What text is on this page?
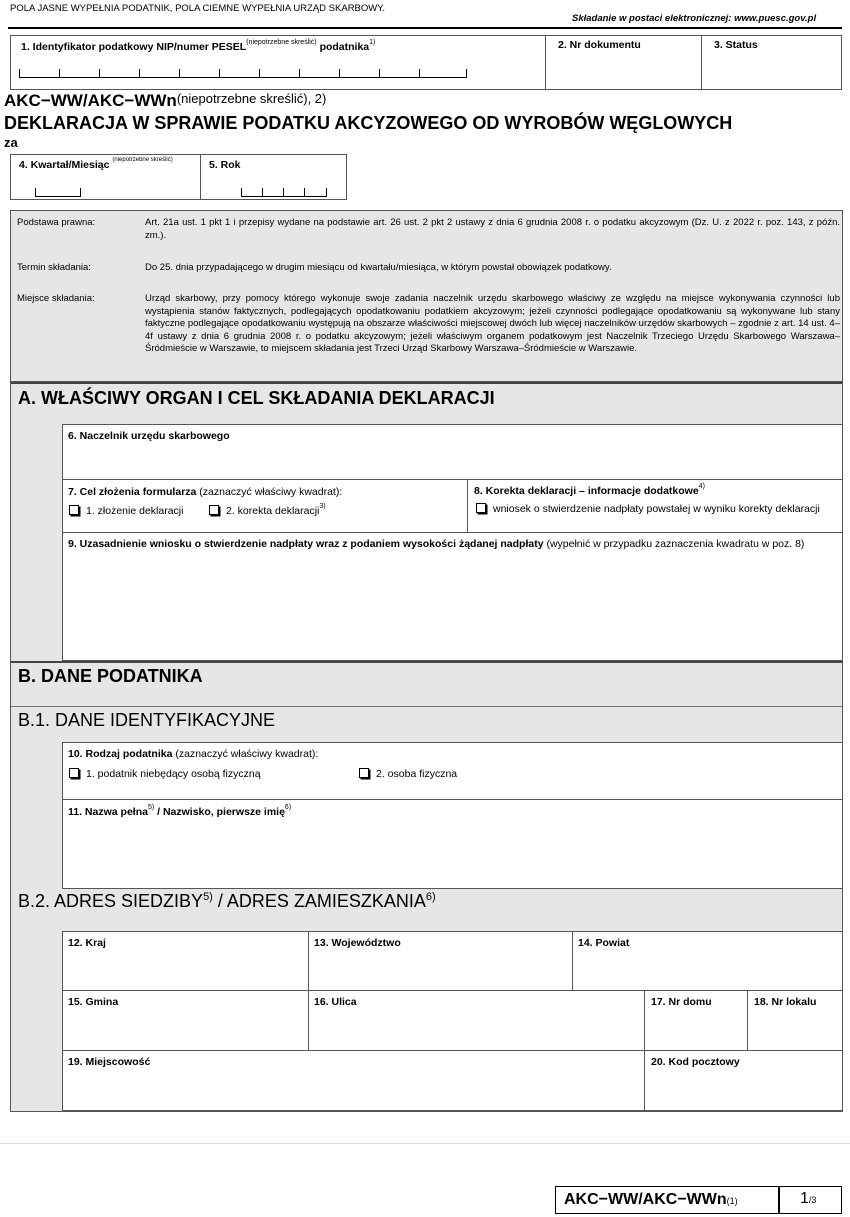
POLA JASNE WYPEŁNIA PODATNIK, POLA CIEMNE WYPEŁNIA URZĄD SKARBOWY.
Składanie w postaci elektronicznej: www.puesc.gov.pl
1. Identyfikator podatkowy NIP/numer $PESEL^{(niepotrzebne skreślić)}$ podatnika$^{1)}$	2. Nr dokumentu	3. Status
AKC−WW/AKC−WWn$^{(niepotrzebne skreślić), 2)}$
DEKLARACJA W SPRAWIE PODATKU AKCYZOWEGO OD WYROBÓW WĘGLOWYCH
za
4. Kwartał/Miesiąc $^{(niepotrzebne skreślić)}$	5. Rok
Podstawa prawna:	Art. 21a ust. 1 pkt 1 i przepisy wydane na podstawie art. 26 ust. 2 pkt 2 ustawy z dnia 6 grudnia 2008 r. o podatku akcyzowym (Dz. U. z 2022 r. poz. 143, z późn. zm.).
Termin składania:	Do 25. dnia przypadającego w drugim miesiącu od kwartału/miesiąca, w którym powstał obowiązek podatkowy.
Miejsce składania:	Urząd skarbowy, przy pomocy którego wykonuje swoje zadania naczelnik urzędu skarbowego właściwy ze względu na miejsce wykonywania czynności lub wystąpienia stanów faktycznych, podlegających opodatkowaniu podatkiem akcyzowym; jeżeli czynności podlegające opodatkowaniu są wykonywane lub stany faktyczne podlegające opodatkowaniu występują na obszarze właściwości miejscowej dwóch lub więcej naczelników urzędów skarbowych – zgodnie z art. 14 ust. 4–4f ustawy z dnia 6 grudnia 2008 r. o podatku akcyzowym; jeżeli właściwym organem podatkowym jest Naczelnik Trzeciego Urzędu Skarbowego Warszawa–Śródmieście w Warszawie, to miejscem składania jest Trzeci Urząd Skarbowy Warszawa–Śródmieście w Warszawie.
A. WŁAŚCIWY ORGAN I CEL SKŁADANIA DEKLARACJI
6. Naczelnik urzędu skarbowego
7. Cel złożenia formularza (zaznaczyć właściwy kwadrat):
1. złożenie deklaracji	2. korekta deklaracji$^{3)}$
8. Korekta deklaracji – informacje dodatkowe$^{4)}$
wniosek o stwierdzenie nadpłaty powstałej w wyniku korekty deklaracji
9. Uzasadnienie wniosku o stwierdzenie nadpłaty wraz z podaniem wysokości żądanej nadpłaty (wypełnić w przypadku zaznaczenia kwadratu w poz. 8)
B. DANE PODATNIKA
B.1. DANE IDENTYFIKACYJNE
B.2. ADRES SIEDZIBY$^{5)}$ / ADRES ZAMIESZKANIA$^{6)}$
10. Rodzaj podatnika (zaznaczyć właściwy kwadrat):
1. podatnik niebędący osobą fizyczną	2. osoba fizyczna
11. Nazwa pełna$^{5)}$ / Nazwisko, pierwsze imię$^{6)}$
12. Kraj	13. Województwo	14. Powiat
15. Gmina	16. Ulica	17. Nr domu	18. Nr lokalu
19. Miejscowość	20. Kod pocztowy
AKC−WW/AKC−WWn(1)	1/3
